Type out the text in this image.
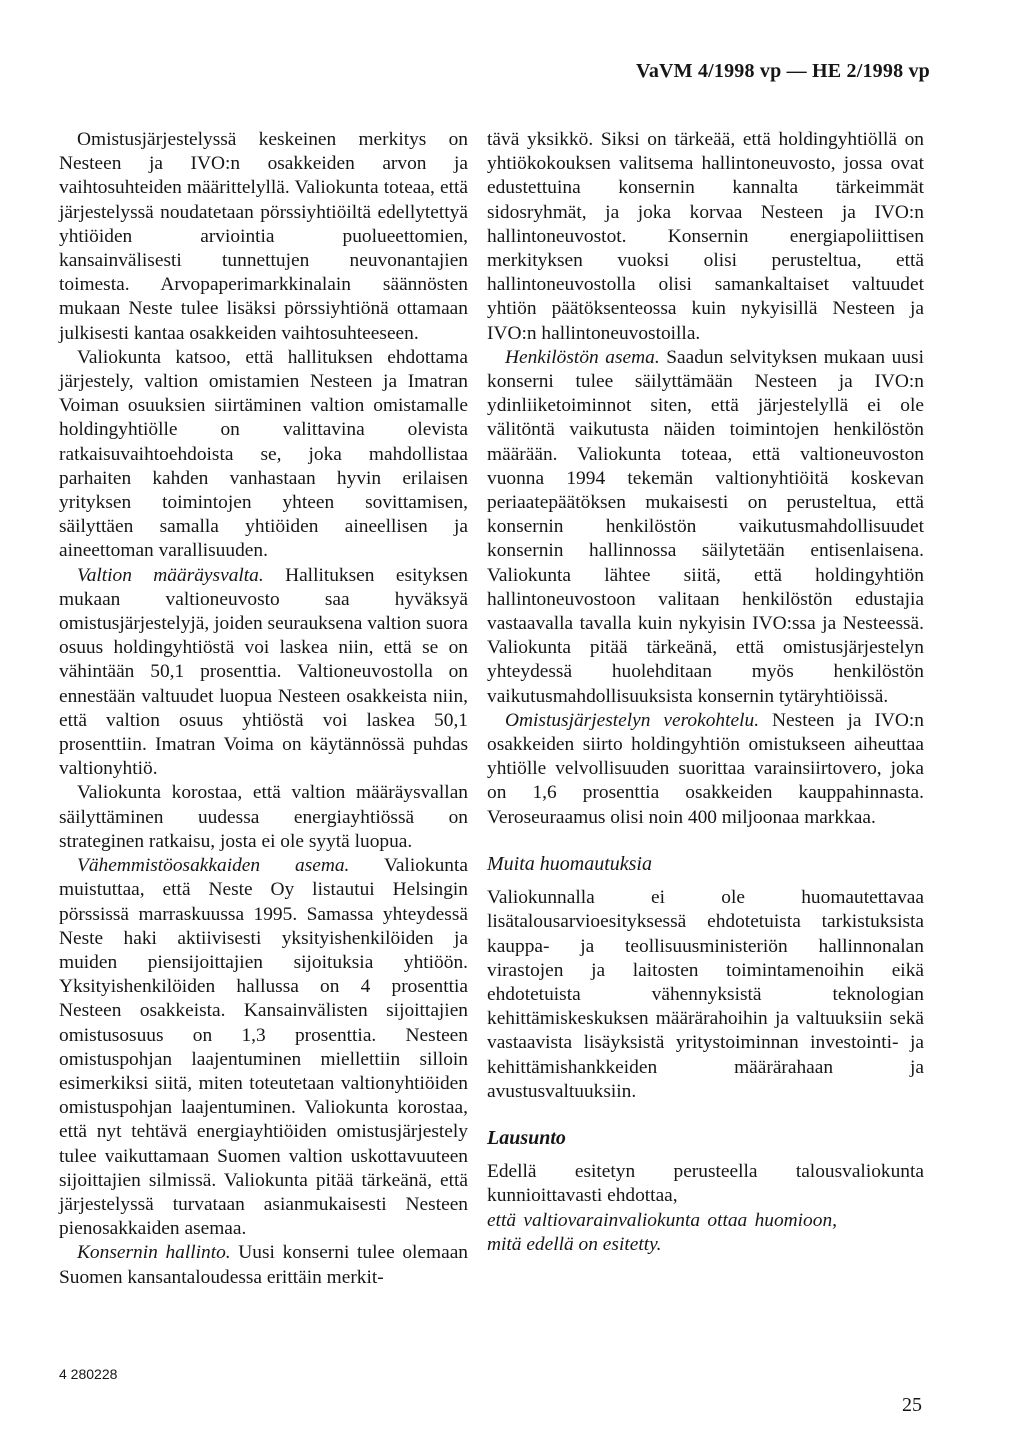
VaVM 4/1998 vp — HE 2/1998 vp

Omistusjärjestelyssä keskeinen merkitys on Nesteen ja IVO:n osakkeiden arvon ja vaihtosuhteiden määrittelyllä. Valiokunta toteaa, että järjestelyssä noudatetaan pörssiyhtiöiltä edellytettyä yhtiöiden arviointia puolueettomien, kansainvälisesti tunnettujen neuvonantajien toimesta. Arvopaperimarkkinalain säännösten mukaan Neste tulee lisäksi pörssiyhtiönä ottamaan julkisesti kantaa osakkeiden vaihtosuhteeseen.

Valiokunta katsoo, että hallituksen ehdottama järjestely, valtion omistamien Nesteen ja Imatran Voiman osuuksien siirtäminen valtion omistamalle holdingyhtiölle on valittavina olevista ratkaisuvaihtoehdoista se, joka mahdollistaa parhaiten kahden vanhastaan hyvin erilaisen yrityksen toimintojen yhteen sovittamisen, säilyttäen samalla yhtiöiden aineellisen ja aineettoman varallisuuden.

Valtion määräysvalta. Hallituksen esityksen mukaan valtioneuvosto saa hyväksyä omistusjärjestelyjä, joiden seurauksena valtion suora osuus holdingyhtiöstä voi laskea niin, että se on vähintään 50,1 prosenttia. Valtioneuvostolla on ennestään valtuudet luopua Nesteen osakkeista niin, että valtion osuus yhtiöstä voi laskea 50,1 prosenttiin. Imatran Voima on käytännössä puhdas valtionyhtiö.

Valiokunta korostaa, että valtion määräysvallan säilyttäminen uudessa energiayhtiössä on strateginen ratkaisu, josta ei ole syytä luopua.

Vähemmistöosakkaiden asema. Valiokunta muistuttaa, että Neste Oy listautui Helsingin pörssissä marraskuussa 1995. Samassa yhteydessä Neste haki aktiivisesti yksityishenkilöiden ja muiden piensijoittajien sijoituksia yhtiöön. Yksityishenkilöiden hallussa on 4 prosenttia Nesteen osakkeista. Kansainvälisten sijoittajien omistusosuus on 1,3 prosenttia. Nesteen omistuspohjan laajentuminen miellettiin silloin esimerkiksi siitä, miten toteutetaan valtionyhtiöiden omistuspohjan laajentuminen. Valiokunta korostaa, että nyt tehtävä energiayhtiöiden omistusjärjestely tulee vaikuttamaan Suomen valtion uskottavuuteen sijoittajien silmissä. Valiokunta pitää tärkeänä, että järjestelyssä turvataan asianmukaisesti Nesteen pienosakkaiden asemaa.

Konsernin hallinto. Uusi konserni tulee olemaan Suomen kansantaloudessa erittäin merkit-

tävä yksikkö. Siksi on tärkeää, että holdingyhtiöllä on yhtiökokouksen valitsema hallintoneuvosto, jossa ovat edustettuina konsernin kannalta tärkeimmät sidosryhmät, ja joka korvaa Nesteen ja IVO:n hallintoneuvostot. Konsernin energiapoliittisen merkityksen vuoksi olisi perusteltua, että hallintoneuvostolla olisi samankaltaiset valtuudet yhtiön päätöksenteossa kuin nykyisillä Nesteen ja IVO:n hallintoneuvostoilla.

Henkilöstön asema. Saadun selvityksen mukaan uusi konserni tulee säilyttämään Nesteen ja IVO:n ydinliiketoiminnot siten, että järjestelyllä ei ole välitöntä vaikutusta näiden toimintojen henkilöstön määrään. Valiokunta toteaa, että valtioneuvoston vuonna 1994 tekemän valtionyhtiöitä koskevan periaatepäätöksen mukaisesti on perusteltua, että konsernin henkilöstön vaikutusmahdollisuudet konsernin hallinnossa säilytetään entisenlaisena. Valiokunta lähtee siitä, että holdingyhtiön hallintoneuvostoon valitaan henkilöstön edustajia vastaavalla tavalla kuin nykyisin IVO:ssa ja Nesteessä. Valiokunta pitää tärkeänä, että omistusjärjestelyn yhteydessä huolehditaan myös henkilöstön vaikutusmahdollisuuksista konsernin tytäryhtiöissä.

Omistusjärjestelyn verokohtelu. Nesteen ja IVO:n osakkeiden siirto holdingyhtiön omistukseen aiheuttaa yhtiölle velvollisuuden suorittaa varainsiirtovero, joka on 1,6 prosenttia osakkeiden kauppahinnasta. Veroseuraamus olisi noin 400 miljoonaa markkaa.

Muita huomautuksia

Valiokunnalla ei ole huomautettavaa lisätalousarvioesityksessä ehdotetuista tarkistuksista kauppa- ja teollisuusministeriön hallinnonalan virastojen ja laitosten toimintamenoihin eikä ehdotetuista vähennyksistä teknologian kehittämiskeskuksen määrärahoihin ja valtuuksiin sekä vastaavista lisäyksistä yritystoiminnan investointi- ja kehittämishankkeiden määrärahaan ja avustusvaltuuksiin.

Lausunto

Edellä esitetyn perusteella talousvaliokunta kunnioittavasti ehdottaa,

että valtiovarainvaliokunta ottaa huomioon, mitä edellä on esitetty.

4 280228
25
